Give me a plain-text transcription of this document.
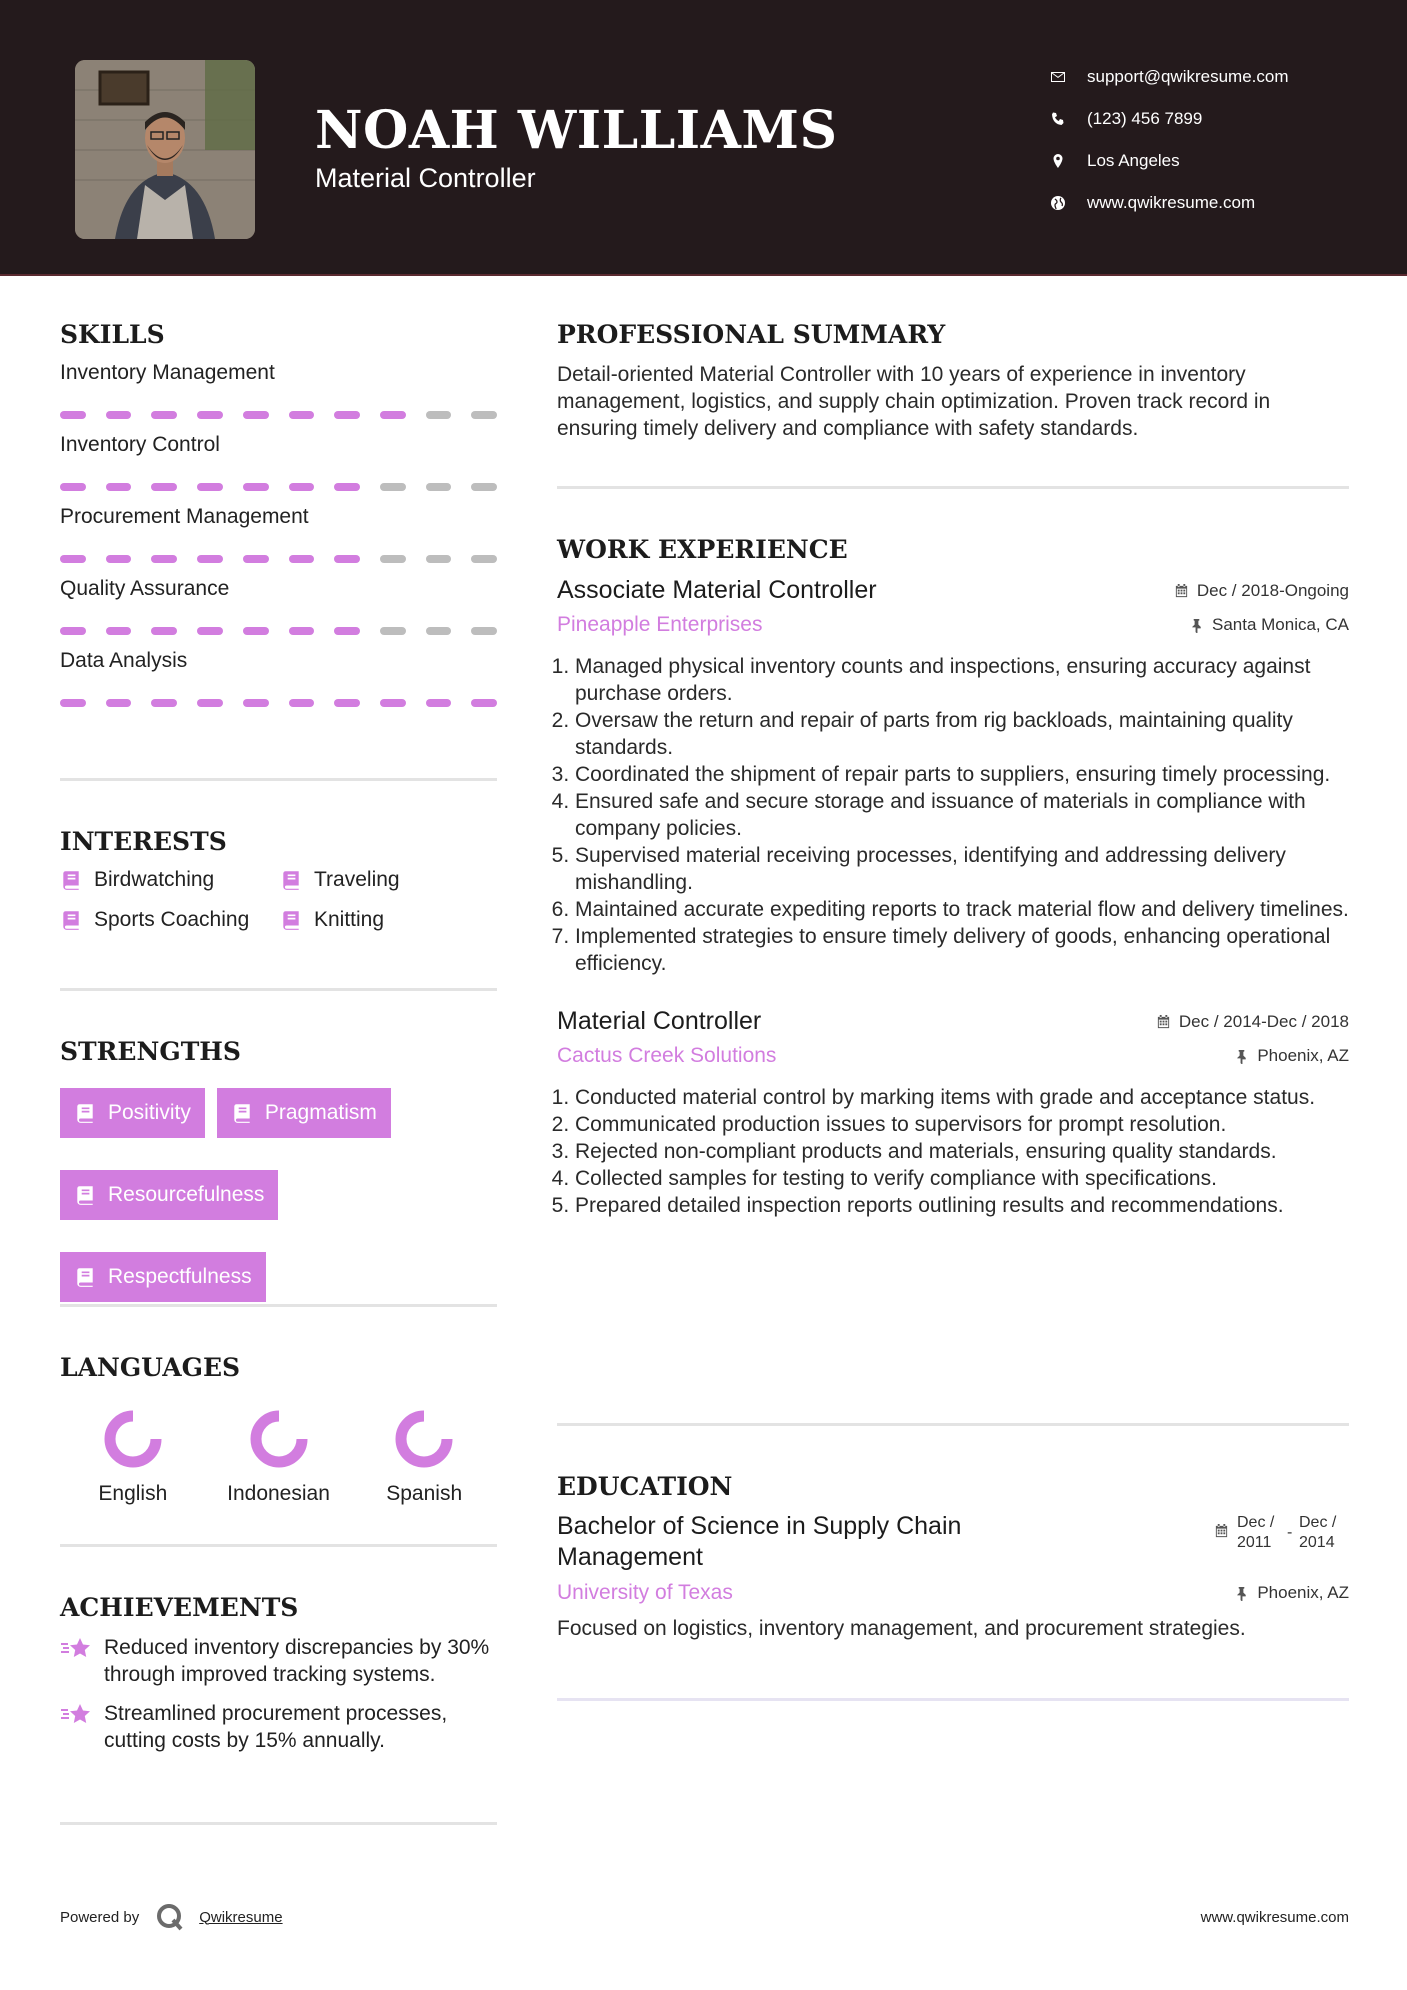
NOAH WILLIAMS
Material Controller
support@qwikresume.com
(123) 456 7899
Los Angeles
www.qwikresume.com
SKILLS
Inventory Management
Inventory Control
Procurement Management
Quality Assurance
Data Analysis
INTERESTS
Birdwatching	Traveling
Sports Coaching	Knitting
STRENGTHS
Positivity	Pragmatism
Resourcefulness
Respectfulness
LANGUAGES
English	Indonesian	Spanish
ACHIEVEMENTS
Reduced inventory discrepancies by 30% through improved tracking systems.
Streamlined procurement processes, cutting costs by 15% annually.
PROFESSIONAL SUMMARY
Detail-oriented Material Controller with 10 years of experience in inventory management, logistics, and supply chain optimization. Proven track record in ensuring timely delivery and compliance with safety standards.
WORK EXPERIENCE
Associate Material Controller	Dec / 2018-Ongoing
Pineapple Enterprises	Santa Monica, CA
1. Managed physical inventory counts and inspections, ensuring accuracy against purchase orders.
2. Oversaw the return and repair of parts from rig backloads, maintaining quality standards.
3. Coordinated the shipment of repair parts to suppliers, ensuring timely processing.
4. Ensured safe and secure storage and issuance of materials in compliance with company policies.
5. Supervised material receiving processes, identifying and addressing delivery mishandling.
6. Maintained accurate expediting reports to track material flow and delivery timelines.
7. Implemented strategies to ensure timely delivery of goods, enhancing operational efficiency.
Material Controller	Dec / 2014-Dec / 2018
Cactus Creek Solutions	Phoenix, AZ
1. Conducted material control by marking items with grade and acceptance status.
2. Communicated production issues to supervisors for prompt resolution.
3. Rejected non-compliant products and materials, ensuring quality standards.
4. Collected samples for testing to verify compliance with specifications.
5. Prepared detailed inspection reports outlining results and recommendations.
EDUCATION
Bachelor of Science in Supply Chain Management
Dec / 2011
-
Dec / 2014
University of Texas	Phoenix, AZ
Focused on logistics, inventory management, and procurement strategies.
Powered by	Qwikresume	www.qwikresume.com
